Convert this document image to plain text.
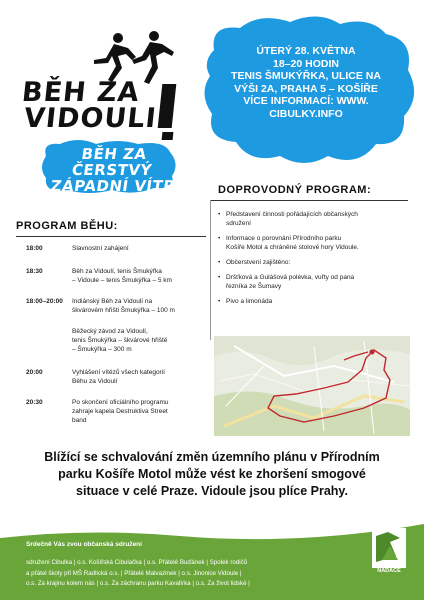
BĚH ZA
VIDOULI
BĚH ZA ČERSTVÝ
ZÁPADNÍ VÍTR
ÚTERÝ 28. KVĚTNA
18–20 HODIN
TENIS ŠMUKÝŘKA, ULICE NA
VÝŠI 2A, PRAHA 5 – KOŠÍŘE
VÍCE INFORMACÍ: WWW.
CIBULKY.INFO
PROGRAM BĚHU:
18:00	Slavnostní zahájení
18:30	Běh za Vidoulí, tenis Šmukýřka
– Vidoule – tenis Šmukýřka – 5 km
18:00–20:00	Indiánský Běh za Vidoulí na
škvárovém hřišti Šmukýřka – 100 m
Běžecký závod za Vidoulí,
tenis Šmukýřka – škvárové hřiště
– Šmukýřka – 300 m
20:00	Vyhlášení vítězů všech kategorií
Běhu za Vidoulí
20:30	Po skončení oficiálního programu
zahraje kapela Destruktiva Street
band
DOPROVODNÝ PROGRAM:
• Představení činnosti pořádajících občanských
sdružení
• Informace o porovnání Přírodního parku
Košíře Motol a chráněné stolové hory Vidoule.
• Občerstvení zajištěno:
• Dršťková a Gulášová polévka, vuřty od pana
řezníka ze Šumavy
• Pivo a limonáda
Blížící se schvalování změn územního plánu v Přírodním
parku Košíře Motol může vést ke zhoršení smogové
situace v celé Praze. Vidoule jsou plíce Prahy.
Srdečně Vás zvou občanská sdružení
sdružení Cibulka | o.s. Košířská Cibulačka | o.s. Přátelé Buďánek | Spolek rodičů
a přátel školy při MŠ Radlická o.s. | Přátelé Malvazinek | o.s. Jinonice Vidoule |
o.s. Za krajinu kolem nás | o.s. Za záchranu parku Kavalírka | o.s. Za život lidské |
NADACE
